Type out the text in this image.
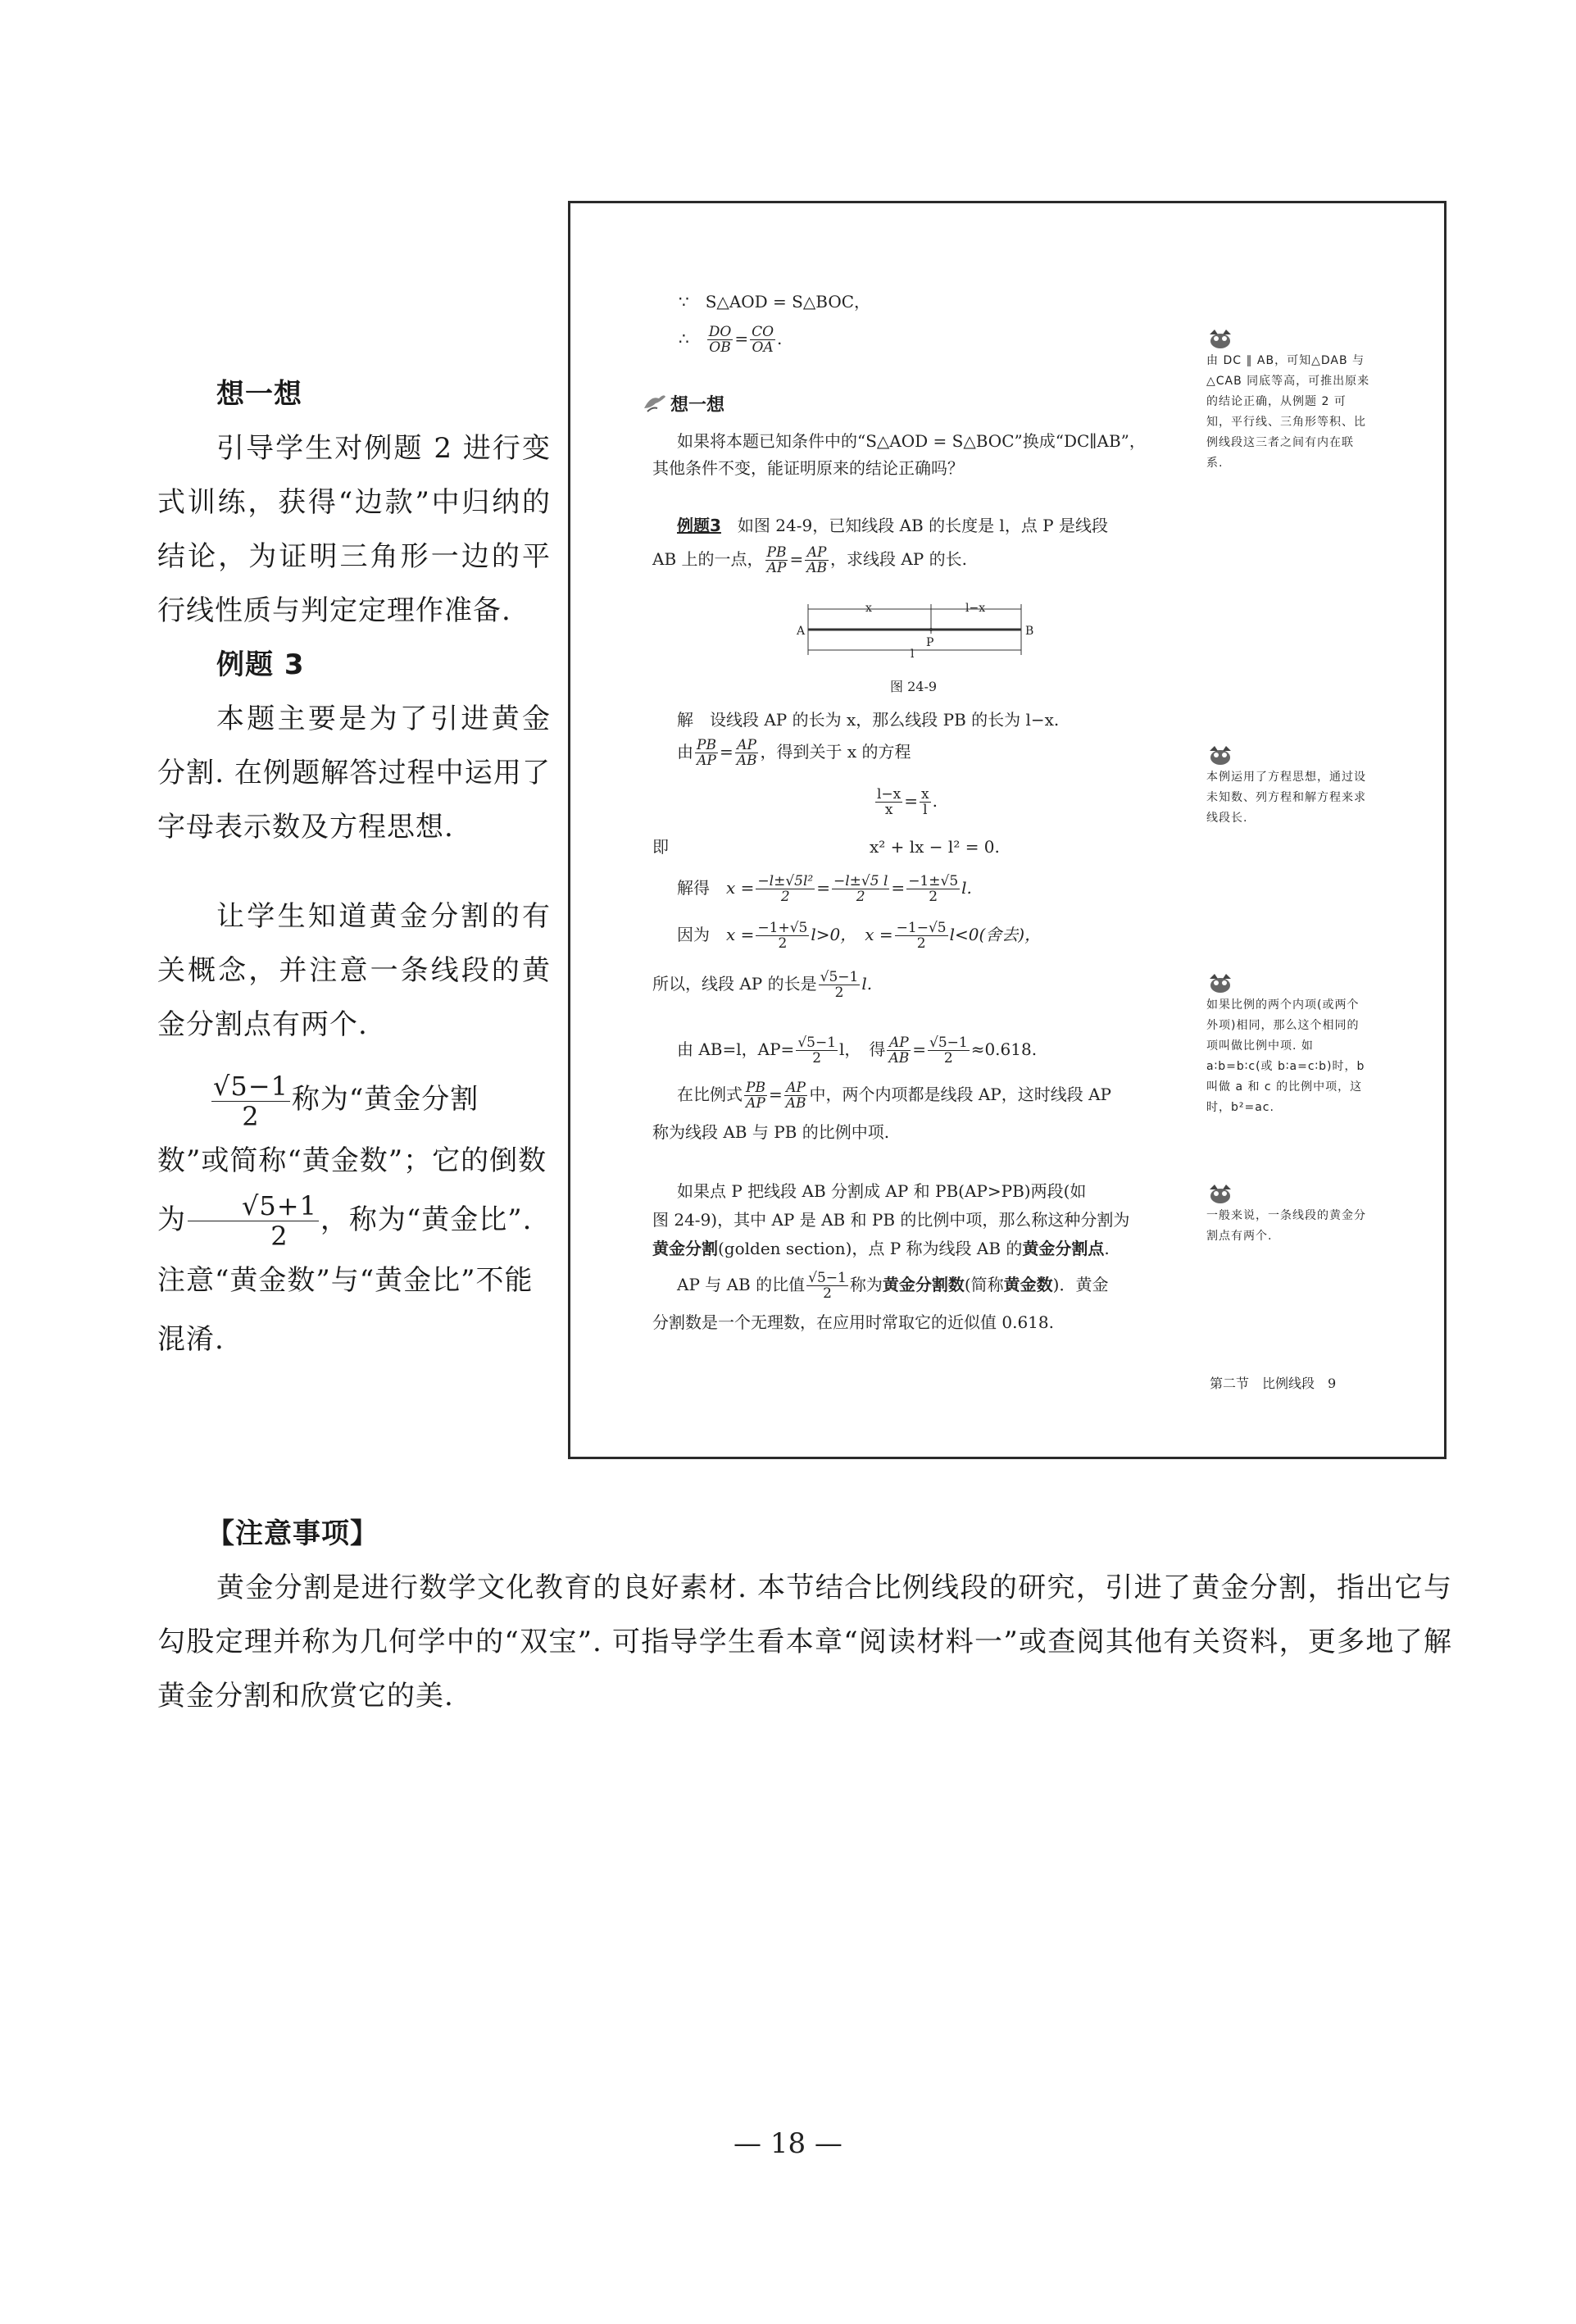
想一想

引导学生对例题 2 进行变式训练，获得“边款”中归纳的结论，为证明三角形一边的平行线性质与判定定理作准备.

例题 3

本题主要是为了引进黄金分割. 在例题解答过程中运用了字母表示数及方程思想.

让学生知道黄金分割的有关概念，并注意一条线段的黄金分割点有两个.

$\frac{√5-1}{2}$ 称为“黄金分割数”或简称“黄金数”；它的倒数为 $\frac{√5+1}{2}$ ，称为“黄金比”. 注意“黄金数”与“黄金比”不能混淆.

∵　 S△AOD = S△BOC，
∴　 $\frac{DO}{OB} = \frac{CO}{OA}$ .
想一想
如果将本题已知条件中的“S△AOD = S△BOC”换成“DC∥AB”，
其他条件不变，能证明原来的结论正确吗？
例题3　 如图 24-9，已知线段 AB 的长度是 l，点 P 是线段
AB 上的一点， $\frac{PB}{AP} = \frac{AP}{AB}$ ，求线段 AP 的长.
A	B
P
x	l−x
l
图 24-9
解　设线段 AP 的长为 x，那么线段 PB 的长为 l−x.
由 $\frac{PB}{AP} = \frac{AP}{AB}$ ，得到关于 x 的方程
$\frac{l-x}{x} = \frac{x}{l}$ .
即	x² + lx − l² = 0.
解得　 $x = \frac{\text{−l±√5l²}}{2} = \frac{-l\pm√5 l}{2} = \frac{-1\pm√5}{2} l$.
因为　 $x = \frac{-1+√5}{2} l>0$，　 $x = \frac{-1-√5}{2} l<0$(舍去)，
所以，线段 AP 的长是 $\frac{√5-1}{2} l$.
由 AB=l，$AP= \frac{√5-1}{2}$ l，　得 $\frac{AP}{AB} = \frac{√5-1}{2} \approx 0.618$.
在比例式 $\frac{PB}{AP} = \frac{AP}{AB}$ 中，两个内项都是线段 AP，这时线段 AP
称为线段 AB 与 PB 的比例中项.
如果点 P 把线段 AB 分割成 AP 和 PB(AP>PB)两段(如
图 24-9)，其中 AP 是 AB 和 PB 的比例中项，那么称这种分割为
黄金分割(golden section)，点 P 称为线段 AB 的黄金分割点.
AP 与 AB 的比值 $\frac{√5-1}{2}$ 称为黄金分割数(简称黄金数)．黄金
分割数是一个无理数，在应用时常取它的近似值 0.618.
第二节　比例线段　9
由 DC ∥ AB，可知△DAB 与△CAB 同底等高，可推出原来的结论正确，从例题 2 可知，平行线、三角形等积、比例线段这三者之间有内在联系.
本例运用了方程思想，通过设未知数、列方程和解方程来求线段长.
如果比例的两个内项(或两个外项)相同，那么这个相同的项叫做比例中项. 如 a∶b=b∶c(或 b∶a=c∶b)时，b 叫做 a 和 c 的比例中项，这时，b²=ac.
一般来说，一条线段的黄金分割点有两个.
【注意事项】

黄金分割是进行数学文化教育的良好素材. 本节结合比例线段的研究，引进了黄金分割，指出它与勾股定理并称为几何学中的“双宝”. 可指导学生看本章“阅读材料一”或查阅其他有关资料，更多地了解黄金分割和欣赏它的美.

— 18 —
